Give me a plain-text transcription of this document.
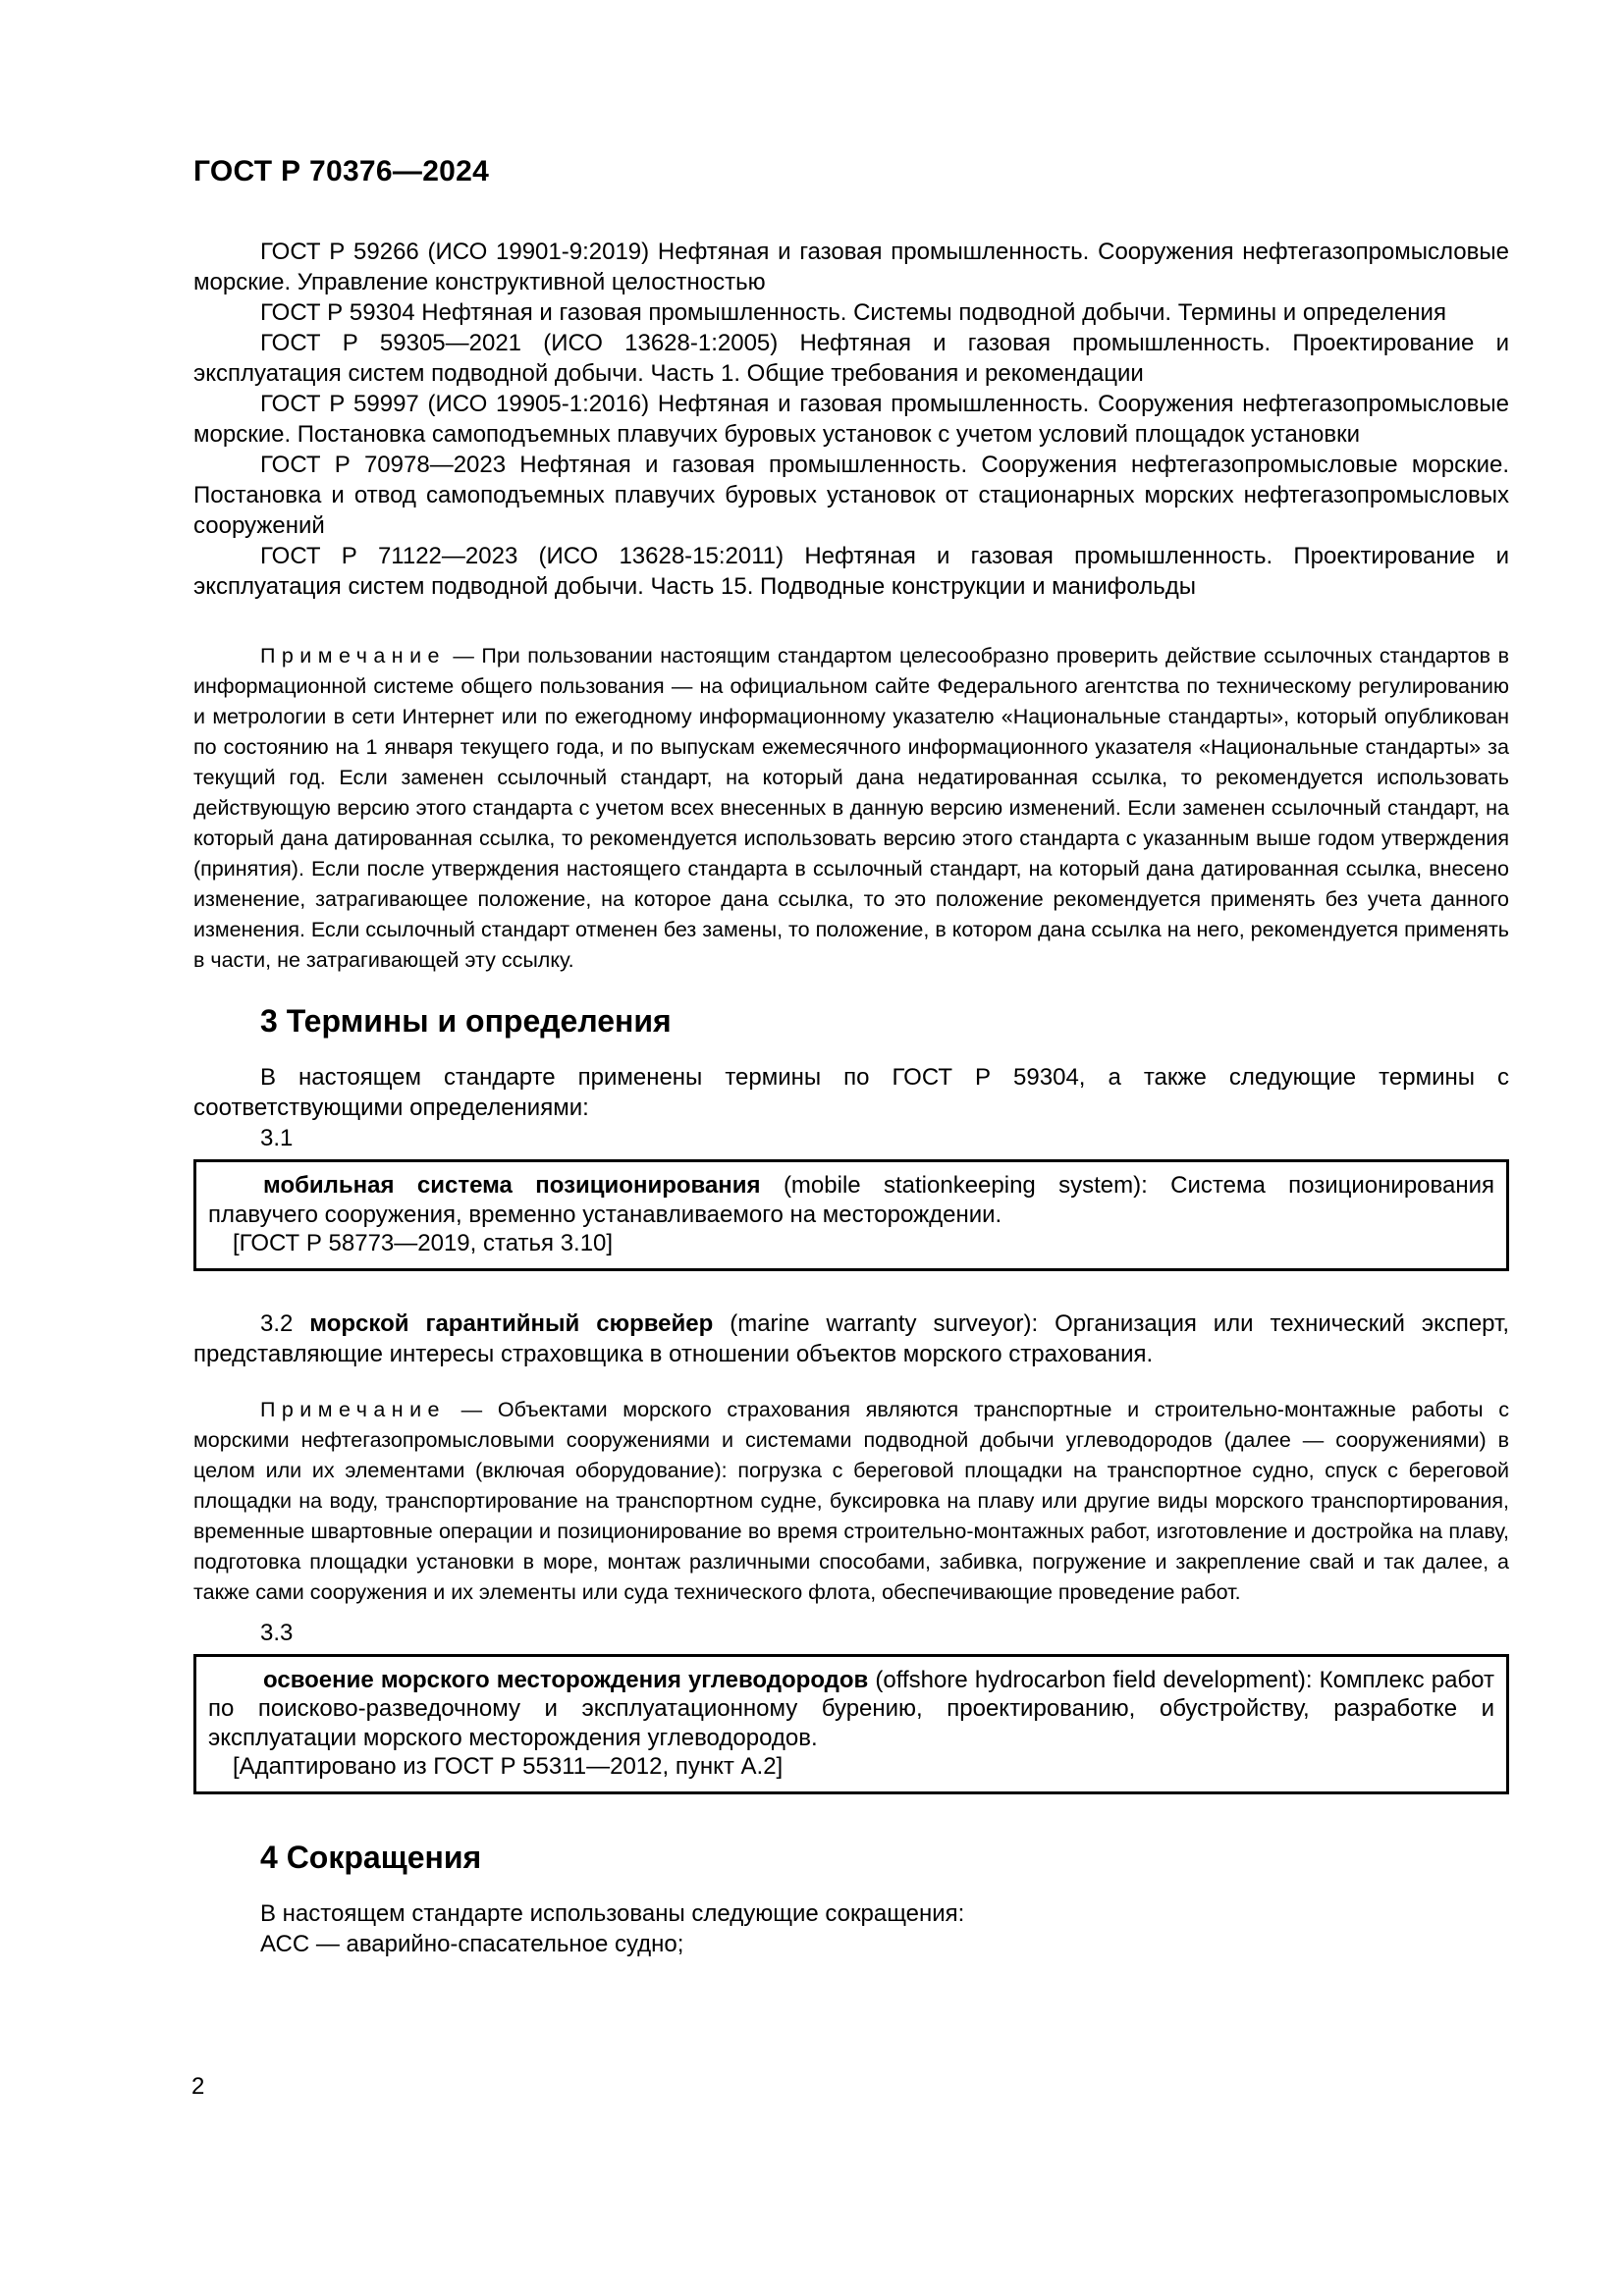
ГОСТ Р 70376—2024

ГОСТ Р 59266 (ИСО 19901-9:2019) Нефтяная и газовая промышленность. Сооружения нефтегазопромысловые морские. Управление конструктивной целостностью

ГОСТ Р 59304 Нефтяная и газовая промышленность. Системы подводной добычи. Термины и определения

ГОСТ Р 59305—2021 (ИСО 13628-1:2005) Нефтяная и газовая промышленность. Проектирование и эксплуатация систем подводной добычи. Часть 1. Общие требования и рекомендации

ГОСТ Р 59997 (ИСО 19905-1:2016) Нефтяная и газовая промышленность. Сооружения нефтегазопромысловые морские. Постановка самоподъемных плавучих буровых установок с учетом условий площадок установки

ГОСТ Р 70978—2023 Нефтяная и газовая промышленность. Сооружения нефтегазопромысловые морские. Постановка и отвод самоподъемных плавучих буровых установок от стационарных морских нефтегазопромысловых сооружений

ГОСТ Р 71122—2023 (ИСО 13628-15:2011) Нефтяная и газовая промышленность. Проектирование и эксплуатация систем подводной добычи. Часть 15. Подводные конструкции и манифольды

Примечание — При пользовании настоящим стандартом целесообразно проверить действие ссылочных стандартов в информационной системе общего пользования — на официальном сайте Федерального агентства по техническому регулированию и метрологии в сети Интернет или по ежегодному информационному указателю «Национальные стандарты», который опубликован по состоянию на 1 января текущего года, и по выпускам ежемесячного информационного указателя «Национальные стандарты» за текущий год. Если заменен ссылочный стандарт, на который дана недатированная ссылка, то рекомендуется использовать действующую версию этого стандарта с учетом всех внесенных в данную версию изменений. Если заменен ссылочный стандарт, на который дана датированная ссылка, то рекомендуется использовать версию этого стандарта с указанным выше годом утверждения (принятия). Если после утверждения настоящего стандарта в ссылочный стандарт, на который дана датированная ссылка, внесено изменение, затрагивающее положение, на которое дана ссылка, то это положение рекомендуется применять без учета данного изменения. Если ссылочный стандарт отменен без замены, то положение, в котором дана ссылка на него, рекомендуется применять в части, не затрагивающей эту ссылку.

3 Термины и определения

В настоящем стандарте применены термины по ГОСТ Р 59304, а также следующие термины с соответствующими определениями:

3.1

мобильная система позиционирования (mobile stationkeeping system): Система позиционирования плавучего сооружения, временно устанавливаемого на месторождении.

[ГОСТ Р 58773—2019, статья 3.10]

3.2 морской гарантийный сюрвейер (marine warranty surveyor): Организация или технический эксперт, представляющие интересы страховщика в отношении объектов морского страхования.

Примечание — Объектами морского страхования являются транспортные и строительно-монтажные работы с морскими нефтегазопромысловыми сооружениями и системами подводной добычи углеводородов (далее — сооружениями) в целом или их элементами (включая оборудование): погрузка с береговой площадки на транспортное судно, спуск с береговой площадки на воду, транспортирование на транспортном судне, буксировка на плаву или другие виды морского транспортирования, временные швартовные операции и позиционирование во время строительно-монтажных работ, изготовление и достройка на плаву, подготовка площадки установки в море, монтаж различными способами, забивка, погружение и закрепление свай и так далее, а также сами сооружения и их элементы или суда технического флота, обеспечивающие проведение работ.

3.3

освоение морского месторождения углеводородов (offshore hydrocarbon field development): Комплекс работ по поисково-разведочному и эксплуатационному бурению, проектированию, обустройству, разработке и эксплуатации морского месторождения углеводородов.

[Адаптировано из ГОСТ Р 55311—2012, пункт А.2]

4 Сокращения

В настоящем стандарте использованы следующие сокращения:

АСС — аварийно-спасательное судно;

2
